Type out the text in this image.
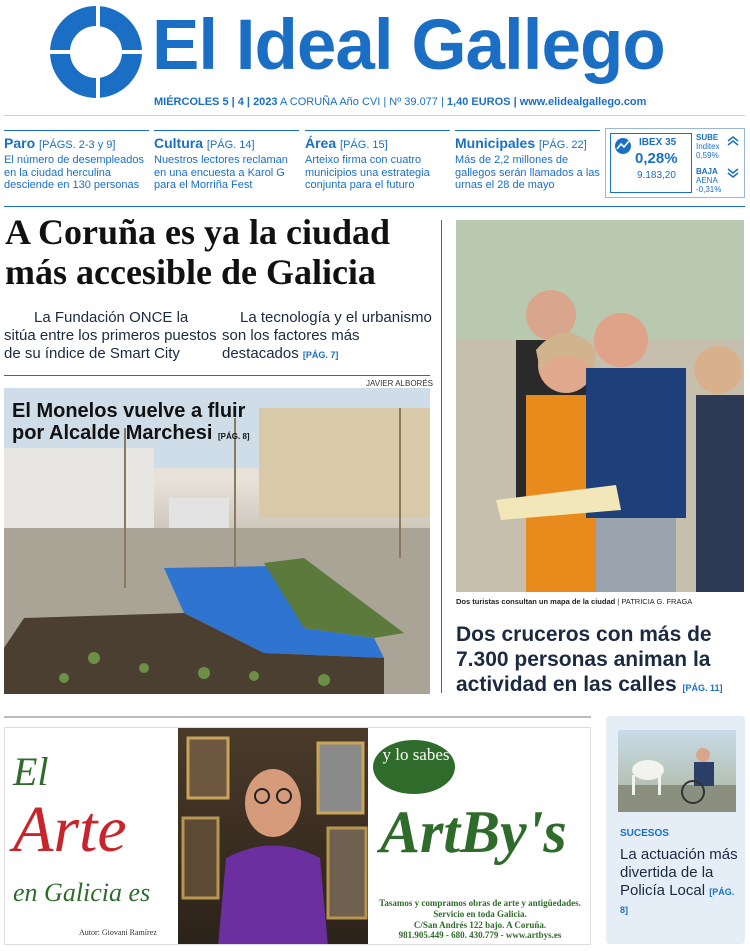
El Ideal Gallego
MIÉRCOLES 5 | 4 | 2023 A CORUÑA Año CVI | Nº 39.077 | 1,40 EUROS | www.elidealgallego.com
Paro [PÁGS. 2-3 y 9]
El número de desempleados en la ciudad herculina desciende en 130 personas
Cultura [PÁG. 14]
Nuestros lectores reclaman en una encuesta a Karol G para el Morriña Fest
Área [PÁG. 15]
Arteixo firma con cuatro municipios una estrategia conjunta para el futuro
Municipales [PÁG. 22]
Más de 2,2 millones de gallegos serán llamados a las urnas el 28 de mayo
IBEX 35
0,28%
9.183,20
SUBE
Inditex
0,59%
BAJA
AENA
-0,31%
A Coruña es ya la ciudad más accesible de Galicia
La Fundación ONCE la sitúa entre los primeros puestos de su índice de Smart City
La tecnología y el urbanismo son los factores más destacados [PÁG. 7]
JAVIER ALBORÉS
El Monelos vuelve a fluir por Alcalde Marchesi [PÁG. 8]
Dos turistas consultan un mapa de la ciudad | PATRICIA G. FRAGA
Dos cruceros con más de 7.300 personas animan la actividad en las calles [PÁG. 11]
El
Arte
en Galicia es
Autor: Giovani Ramírez
y lo sabes
ArtBy's
Tasamos y compramos obras de arte y antigüedades.
Servicio en toda Galicia.
C/San Andrés 122 bajo. A Coruña.
981.905.449 - 680. 430.779 - www.artbys.es
SUCESOS
La actuación más divertida de la Policía Local [PÁG. 8]
